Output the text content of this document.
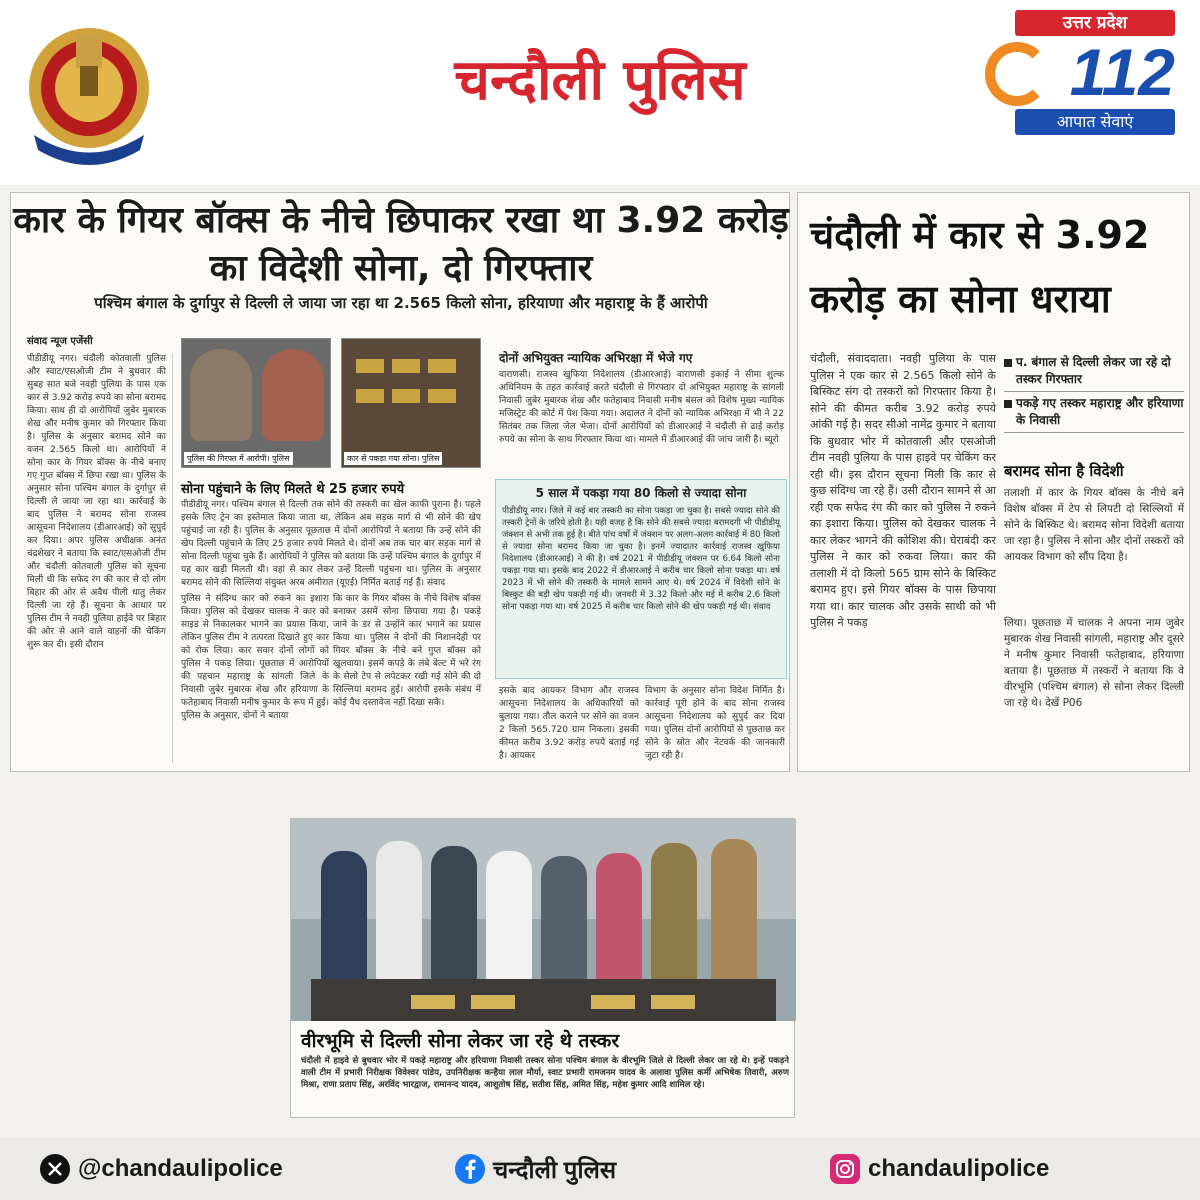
चन्दौली पुलिस
उत्तर प्रदेश
112
आपात सेवाएं
कार के गियर बॉक्स के नीचे छिपाकर रखा था 3.92 करोड़ का विदेशी सोना, दो गिरफ्तार
पश्चिम बंगाल के दुर्गापुर से दिल्ली ले जाया जा रहा था 2.565 किलो सोना, हरियाणा और महाराष्ट्र के हैं आरोपी
संवाद न्यूज एजेंसी
पीडीडीयू नगर। चंदौली कोतवाली पुलिस और स्वाट/एसओजी टीम ने बुधवार की सुबह सात बजे नवही पुलिया के पास एक कार से 3.92 करोड़ रुपये का सोना बरामद किया। साथ ही दो आरोपियों जुबेर मुबारक शेख और मनीष कुमार को गिरफ्तार किया है। पुलिस के अनुसार बरामद सोने का वजन 2.565 किलो था। आरोपियों ने सोना कार के गियर बॉक्स के नीचे बनाए गए गुप्त बॉक्स में छिपा रखा था। पुलिस के अनुसार सोना पश्चिम बंगाल के दुर्गापुर से दिल्ली ले जाया जा रहा था। कार्रवाई के बाद पुलिस ने बरामद सोना राजस्व आसूचना निदेशालय (डीआरआई) को सुपुर्द कर दिया। अपर पुलिस अधीक्षक अनंत चंद्रशेखर ने बताया कि स्वाट/एसओजी टीम और चंदौली कोतवाली पुलिस को सूचना मिली थी कि सफेद रंग की कार से दो लोग बिहार की ओर से अवैध पीली धातु लेकर दिल्ली जा रहे हैं। सूचना के आधार पर पुलिस टीम ने नवही पुलिया हाईवे पर बिहार की ओर से आने वाले वाहनों की चेकिंग शुरू कर दी। इसी दौरान
पुलिस की गिरफ्त में आरोपी। पुलिस	कार से पकड़ा गया सोना। पुलिस
सोना पहुंचाने के लिए मिलते थे 25 हजार रुपये
पीडीडीयू नगर। पश्चिम बंगाल से दिल्ली तक सोने की तस्करी का खेल काफी पुराना है। पहले इसके लिए ट्रेन का इस्तेमाल किया जाता था, लेकिन अब सड़क मार्ग से भी सोने की खेप पहुंचाई जा रही है। पुलिस के अनुसार पूछताछ में दोनों आरोपियों ने बताया कि उन्हें सोने की खेप दिल्ली पहुंचाने के लिए 25 हजार रुपये मिलते थे। दोनों अब तक चार बार सड़क मार्ग से सोना दिल्ली पहुंचा चुके हैं। आरोपियों ने पुलिस को बताया कि उन्हें पश्चिम बंगाल के दुर्गापुर में यह कार खड़ी मिलती थी। वहां से कार लेकर उन्हें दिल्ली पहुंचना था। पुलिस के अनुसार बरामद सोने की सिल्लियां संयुक्त अरब अमीरात (यूएई) निर्मित बताई गई हैं। संवाद
पुलिस ने संदिग्ध कार को रुकने का इशारा किया। पुलिस को देखकर चालक ने कार को साइड से निकालकर भागने का प्रयास किया, लेकिन पुलिस टीम ने तत्परता दिखाते हुए कार को रोक लिया। कार सवार दोनों लोगों को पुलिस ने पकड़ लिया। पूछताछ में आरोपियों की पहचान महाराष्ट्र के सांगली जिले के निवासी जुबेर मुबारक शेख और हरियाणा के फतेहाबाद निवासी मनीष कुमार के रूप में हुई। पुलिस के अनुसार, दोनों ने बताया
कि कार के गियर बॉक्स के नीचे विशेष बॉक्स बनाकर उसमें सोना छिपाया गया है। पकड़े जाने के डर से उन्होंने कार भगाने का प्रयास किया था। पुलिस ने दोनों की निशानदेही पर गियर बॉक्स के नीचे बने गुप्त बॉक्स को खुलवाया। इसमें कपड़े के लंबे बेल्ट में भरे रंग के सेलो टेप से लपेटकर रखी गई सोने की दो सिल्लियां बरामद हुई। आरोपी इसके संबंध में कोई वैध दस्तावेज नहीं दिखा सके।
दोनों अभियुक्त न्यायिक अभिरक्षा में भेजे गए
वाराणसी। राजस्व खुफिया निदेशालय (डीआरआई) वाराणसी इकाई ने सीमा शुल्क अधिनियम के तहत कार्रवाई करते चंदौली से गिरफ्तार दो अभियुक्त महाराष्ट्र के सांगली निवासी जुबेर मुबारक शेख और फतेहाबाद निवासी मनीष बंसल को विशेष मुख्य न्यायिक मजिस्ट्रेट की कोर्ट में पेश किया गया। अदालत ने दोनों को न्यायिक अभिरक्षा में भी ने 22 सितंबर तक जिला जेल भेजा। दोनों आरोपियों को डीआरआई ने चंदौली से ढाई करोड़ रुपये का सोना के साथ गिरफ्तार किया था। मामले में डीआरआई की जांच जारी है। ब्यूरो
5 साल में पकड़ा गया 80 किलो से ज्यादा सोना
पीडीडीयू नगर। जिले में कई बार तस्करी का सोना पकड़ा जा चुका है। सबसे ज्यादा सोने की तस्करी ट्रेनों के जरिये होती है। यही वजह है कि सोने की सबसे ज्यादा बरामदगी भी पीडीडीयू जंक्शन से अभी तक हुई है। बीते पांच वर्षों में जंक्शन पर अलग-अलग कार्रवाई में 80 किलो से ज्यादा सोना बरामद किया जा चुका है। इनमें ज्यादातर कार्रवाई राजस्व खुफिया निदेशालय (डीआरआई) ने की है। वर्ष 2021 में पीडीडीयू जंक्शन पर 6.64 किलो सोना पकड़ा गया था। इसके बाद 2022 में डीआरआई ने करीब चार किलो सोना पकड़ा था। वर्ष 2023 में भी सोने की तस्करी के मामले सामने आए थे। वर्ष 2024 में विदेशी सोने के बिस्कुट की बड़ी खेप पकड़ी गई थी। जनवरी में 3.32 किलो और मई में करीब 2.6 किलो सोना पकड़ा गया था। वर्ष 2025 में करीब चार किलो सोने की खेप पकड़ी गई थी। संवाद
इसके बाद आयकर विभाग और राजस्व आसूचना निदेशालय के अधिकारियों को बुलाया गया। तौल कराने पर सोने का वजन 2 किलो 565.720 ग्राम निकला। इसकी कीमत करीब 3.92 करोड़ रुपये बताई गई है। आयकर
विभाग के अनुसार सोना विदेश निर्मित है। कार्रवाई पूरी होने के बाद सोना राजस्व आसूचना निदेशालय को सुपुर्द कर दिया गया। पुलिस दोनों आरोपियों से पूछताछ कर सोने के स्रोत और नेटवर्क की जानकारी जुटा रही है।
चंदौली में कार से 3.92 करोड़ का सोना धराया
चंदौली, संवाददाता। नवही पुलिया के पास पुलिस ने एक कार से 2.565 किलो सोने के बिस्किट संग दो तस्करों को गिरफ्तार किया है। सोने की कीमत करीब 3.92 करोड़ रुपये आंकी गई है। सदर सीओ नामेंद्र कुमार ने बताया कि बुधवार भोर में कोतवाली और एसओजी टीम नवही पुलिया के पास हाइवे पर चेकिंग कर रही थी। इस दौरान सूचना मिली कि कार से कुछ संदिग्ध जा रहे हैं। उसी दौरान सामने से आ रही एक सफेद रंग की कार को पुलिस ने रुकने का इशारा किया। पुलिस को देखकर चालक ने कार लेकर भागने की कोशिश की। घेराबंदी कर पुलिस ने कार को रुकवा लिया। कार की तलाशी में दो किलो 565 ग्राम सोने के बिस्किट बरामद हुए। इसे गियर बॉक्स के पास छिपाया गया था। कार चालक और उसके साथी को भी पुलिस ने पकड़
प. बंगाल से दिल्ली लेकर जा रहे दो तस्कर गिरफ्तार
पकड़े गए तस्कर महाराष्ट्र और हरियाणा के निवासी
बरामद सोना है विदेशी
तलाशी में कार के गियर बॉक्स के नीचे बने विशेष बॉक्स में टेप से लिपटी दो सिल्लियों में सोने के बिस्किट थे। बरामद सोना विदेशी बताया जा रहा है। पुलिस ने सोना और दोनों तस्करों को आयकर विभाग को सौंप दिया है।
लिया। पूछताछ में चालक ने अपना नाम जुबेर मुबारक शेख निवासी सांगली, महाराष्ट्र और दूसरे ने मनीष कुमार निवासी फतेहाबाद, हरियाणा बताया है। पूछताछ में तस्करों ने बताया कि वे वीरभूमि (पश्चिम बंगाल) से सोना लेकर दिल्ली जा रहे थे। देखें P06
वीरभूमि से दिल्ली सोना लेकर जा रहे थे तस्कर
चंदौली में हाइवे से बुधवार भोर में पकड़े महाराष्ट्र और हरियाणा निवासी तस्कर सोना पश्चिम बंगाल के वीरभूमि जिले से दिल्ली लेकर जा रहे थे। इन्हें पकड़ने वाली टीम में प्रभारी निरीक्षक विवेश्वर पांडेय, उपनिरीक्षक कन्हैया लाल मौर्या, स्वाट प्रभारी रामजनम यादव के अलावा पुलिस कर्मी अभिषेक तिवारी, अरुण मिश्रा, राणा प्रताप सिंह, अरविंद भारद्वाज, रामानन्द यादव, आशुतोष सिंह, सतीश सिंह, अमित सिंह, महेश कुमार आदि शामिल रहे।
@chandaulipolice	चन्दौली पुलिस	chandaulipolice
